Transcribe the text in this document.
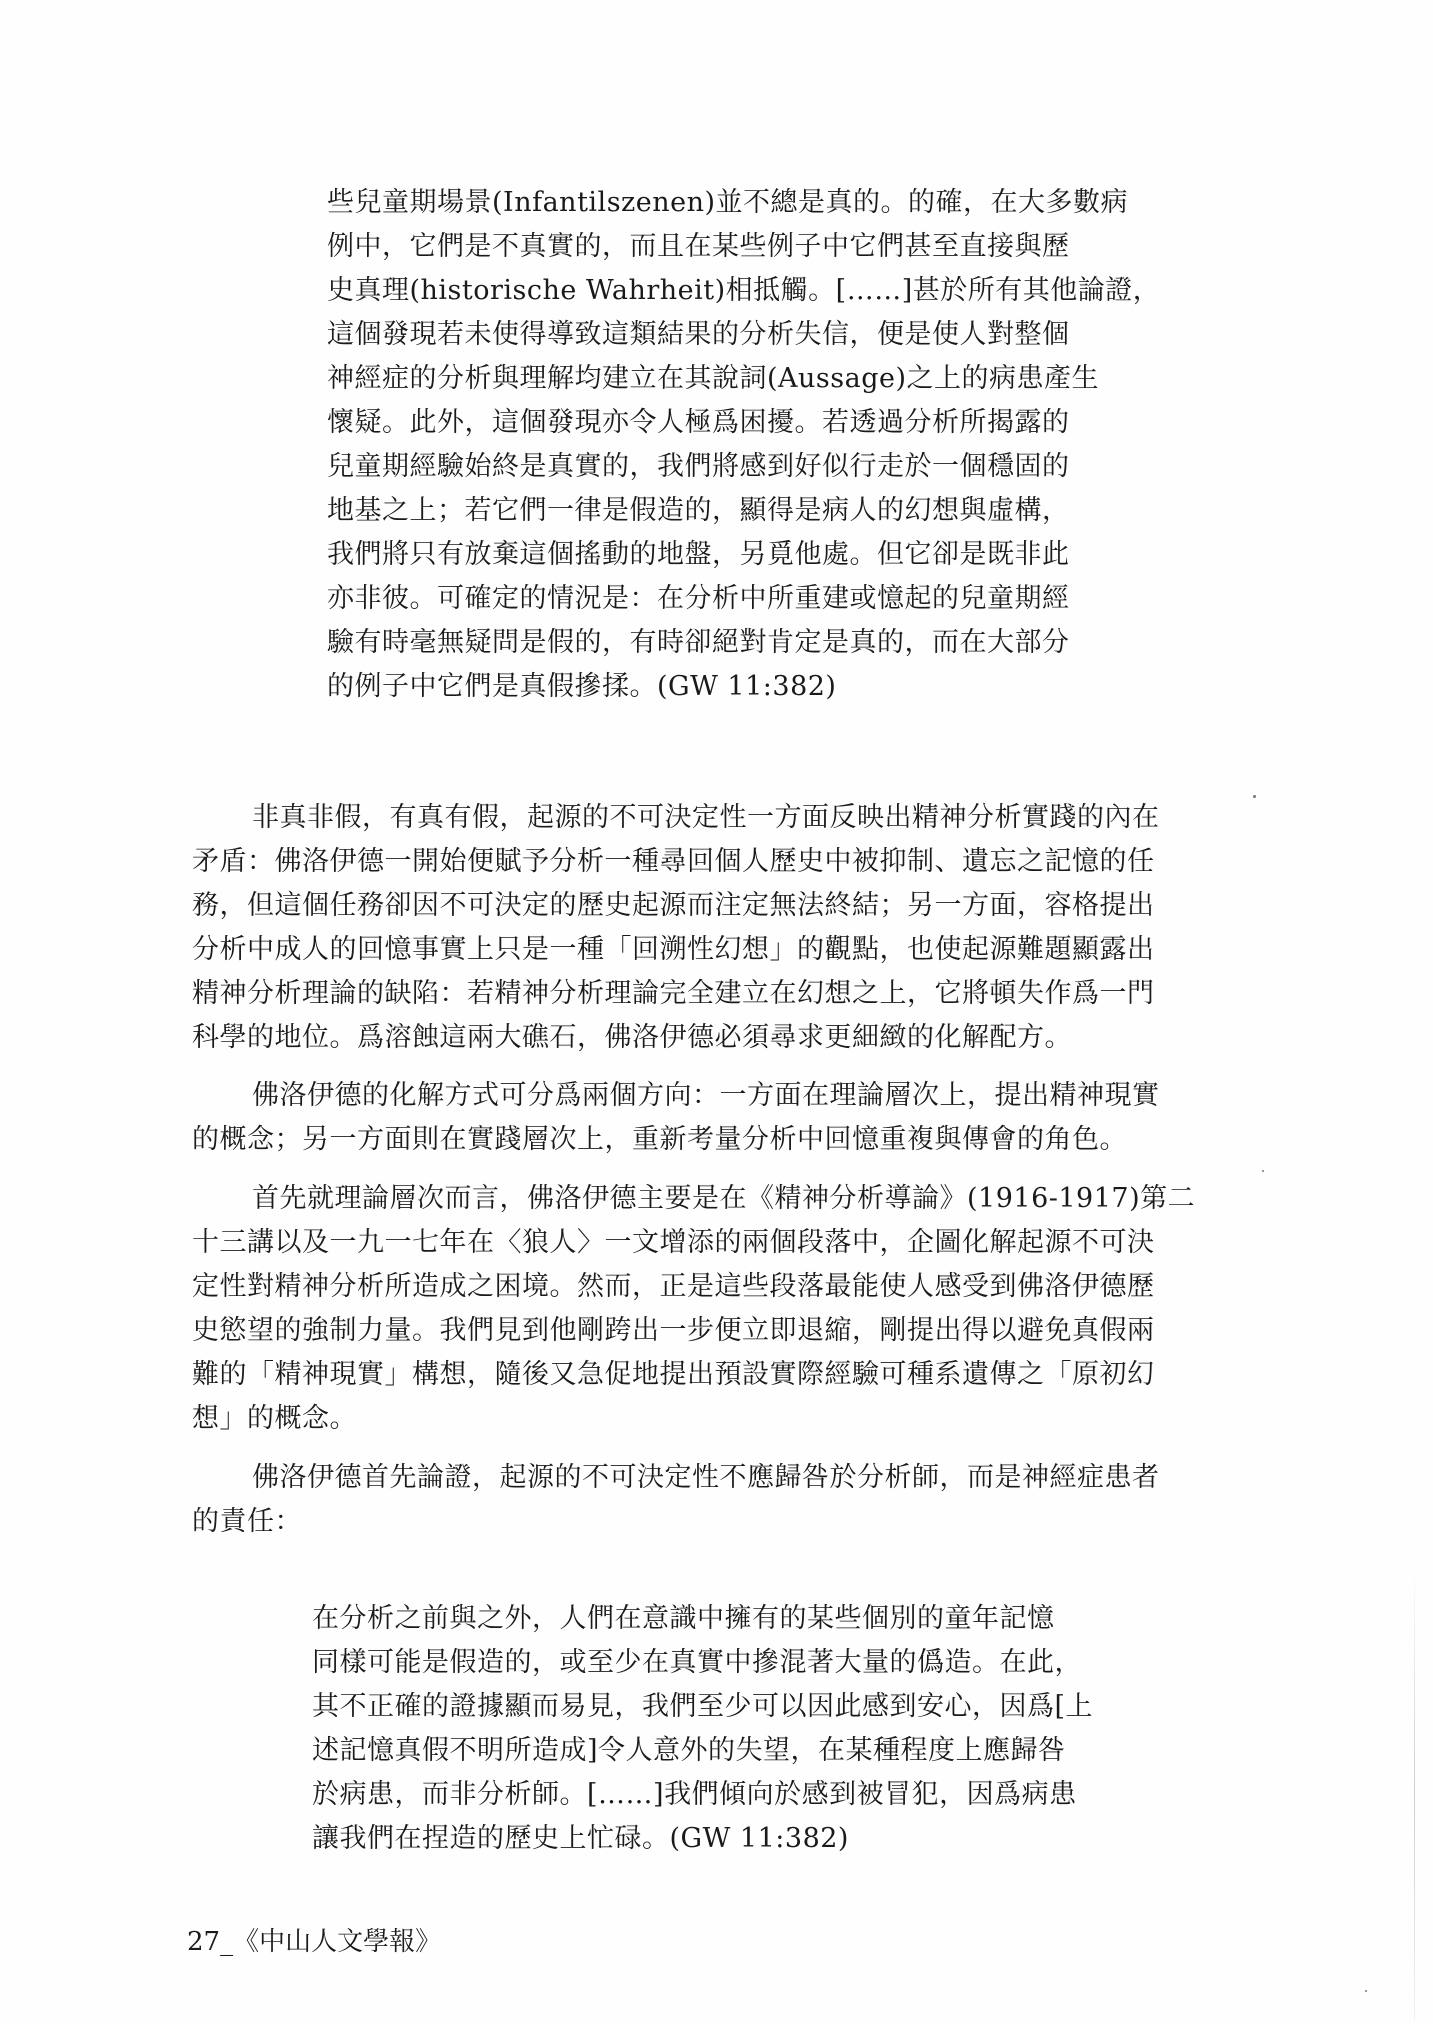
些兒童期場景(Infantilszenen)並不總是真的。的確，在大多數病
例中，它們是不真實的，而且在某些例子中它們甚至直接與歷
史真理(historische Wahrheit)相抵觸。[……]甚於所有其他論證，
這個發現若未使得導致這類結果的分析失信，便是使人對整個
神經症的分析與理解均建立在其說詞(Aussage)之上的病患產生
懷疑。此外，這個發現亦令人極爲困擾。若透過分析所揭露的
兒童期經驗始終是真實的，我們將感到好似行走於一個穩固的
地基之上；若它們一律是假造的，顯得是病人的幻想與虛構，
我們將只有放棄這個搖動的地盤，另覓他處。但它卻是既非此
亦非彼。可確定的情況是：在分析中所重建或憶起的兒童期經
驗有時毫無疑問是假的，有時卻絕對肯定是真的，而在大部分
的例子中它們是真假摻揉。(GW 11:382)
非真非假，有真有假，起源的不可決定性一方面反映出精神分析實踐的內在
矛盾：佛洛伊德一開始便賦予分析一種尋回個人歷史中被抑制、遺忘之記憶的任
務，但這個任務卻因不可決定的歷史起源而注定無法終結；另一方面，容格提出
分析中成人的回憶事實上只是一種「回溯性幻想」的觀點，也使起源難題顯露出
精神分析理論的缺陷：若精神分析理論完全建立在幻想之上，它將頓失作爲一門
科學的地位。爲溶蝕這兩大礁石，佛洛伊德必須尋求更細緻的化解配方。
佛洛伊德的化解方式可分爲兩個方向：一方面在理論層次上，提出精神現實
的概念；另一方面則在實踐層次上，重新考量分析中回憶重複與傳會的角色。
首先就理論層次而言，佛洛伊德主要是在《精神分析導論》(1916-1917)第二
十三講以及一九一七年在〈狼人〉一文增添的兩個段落中，企圖化解起源不可決
定性對精神分析所造成之困境。然而，正是這些段落最能使人感受到佛洛伊德歷
史慾望的強制力量。我們見到他剛跨出一步便立即退縮，剛提出得以避免真假兩
難的「精神現實」構想，隨後又急促地提出預設實際經驗可種系遺傳之「原初幻
想」的概念。
佛洛伊德首先論證，起源的不可決定性不應歸咎於分析師，而是神經症患者
的責任：
在分析之前與之外，人們在意識中擁有的某些個別的童年記憶
同樣可能是假造的，或至少在真實中摻混著大量的僞造。在此，
其不正確的證據顯而易見，我們至少可以因此感到安心，因爲[上
述記憶真假不明所造成]令人意外的失望，在某種程度上應歸咎
於病患，而非分析師。[……]我們傾向於感到被冒犯，因爲病患
讓我們在捏造的歷史上忙碌。(GW 11:382)
27_《中山人文學報》
